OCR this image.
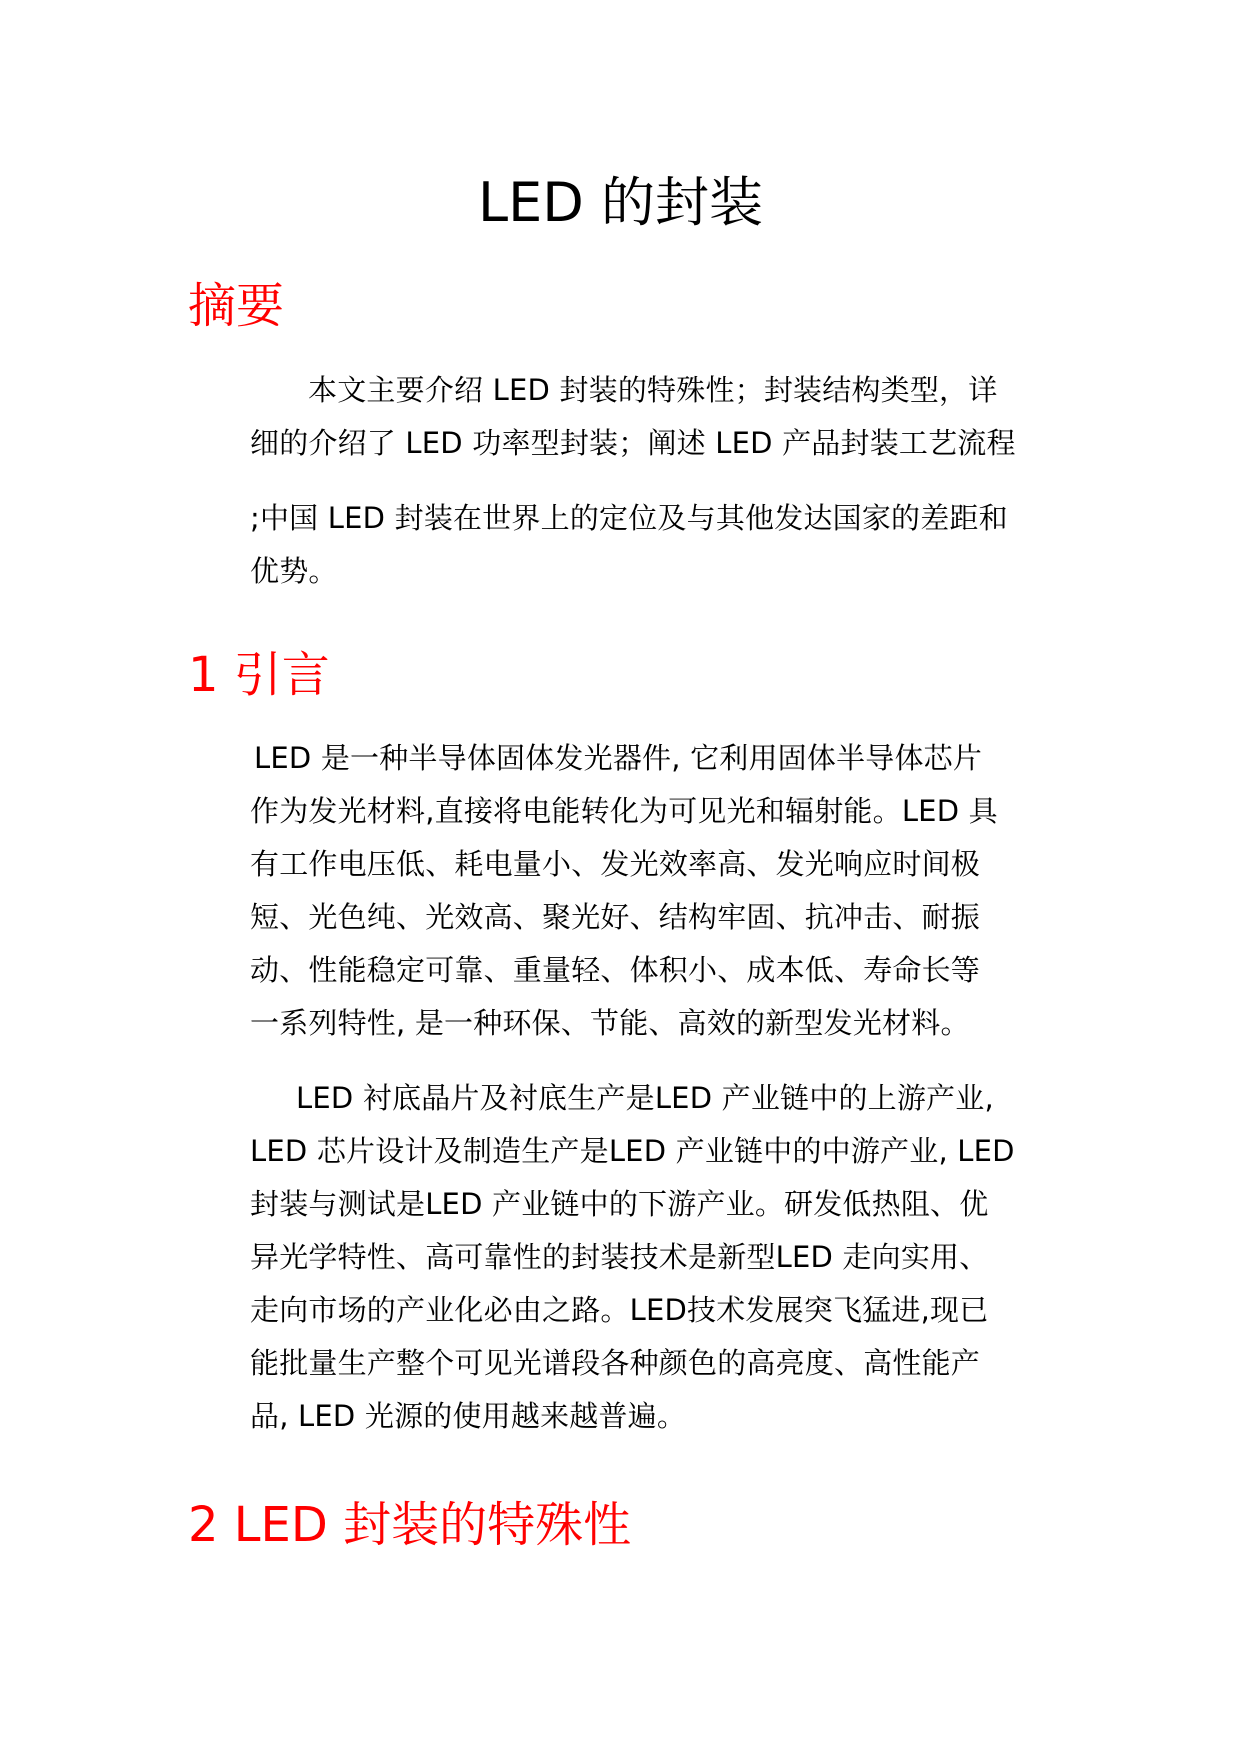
LED 的封装
摘要
本文主要介绍 LED 封装的特殊性；封装结构类型，详
细的介绍了 LED 功率型封装；阐述 LED 产品封装工艺流程
;中国 LED 封装在世界上的定位及与其他发达国家的差距和
优势。
1 引言
LED 是一种半导体固体发光器件, 它利用固体半导体芯片
作为发光材料,直接将电能转化为可见光和辐射能。LED 具
有工作电压低、耗电量小、发光效率高、发光响应时间极
短、光色纯、光效高、聚光好、结构牢固、抗冲击、耐振
动、性能稳定可靠、重量轻、体积小、成本低、寿命长等
一系列特性, 是一种环保、节能、高效的新型发光材料。
LED 衬底晶片及衬底生产是LED 产业链中的上游产业,
LED 芯片设计及制造生产是LED 产业链中的中游产业, LED
封装与测试是LED 产业链中的下游产业。研发低热阻、优
异光学特性、高可靠性的封装技术是新型LED 走向实用、
走向市场的产业化必由之路。LED技术发展突飞猛进,现已
能批量生产整个可见光谱段各种颜色的高亮度、高性能产
品, LED 光源的使用越来越普遍。
2 LED 封装的特殊性
